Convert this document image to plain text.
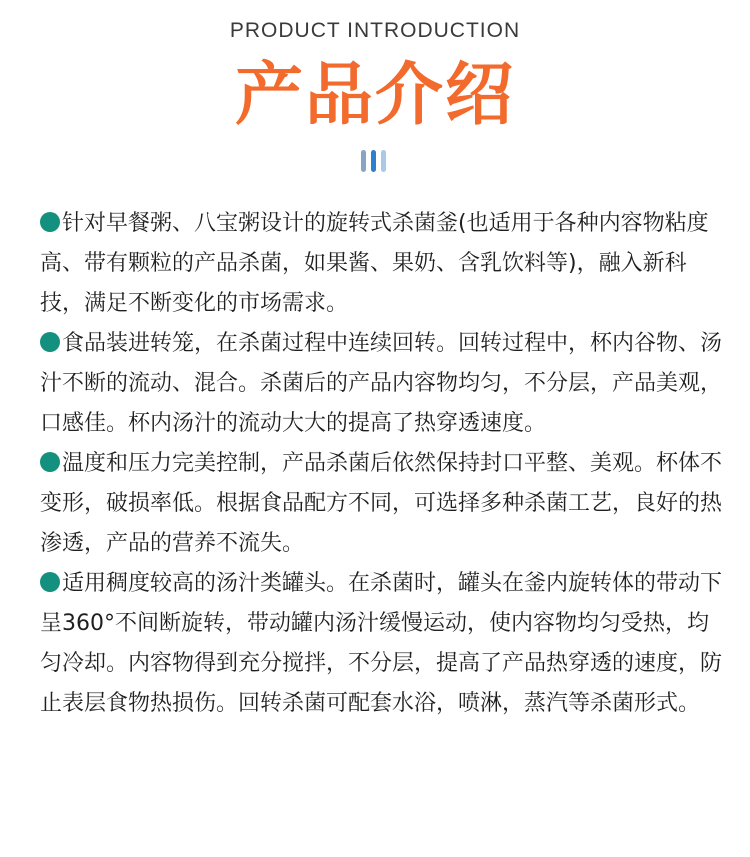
PRODUCT INTRODUCTION
产品介绍

针对早餐粥、八宝粥设计的旋转式杀菌釜(也适用于各种内容物粘度高、带有颗粒的产品杀菌，如果酱、果奶、含乳饮料等)，融入新科技，满足不断变化的市场需求。

食品装进转笼，在杀菌过程中连续回转。回转过程中，杯内谷物、汤汁不断的流动、混合。杀菌后的产品内容物均匀，不分层，产品美观，口感佳。杯内汤汁的流动大大的提高了热穿透速度。

温度和压力完美控制，产品杀菌后依然保持封口平整、美观。杯体不变形，破损率低。根据食品配方不同，可选择多种杀菌工艺，良好的热渗透，产品的营养不流失。

适用稠度较高的汤汁类罐头。在杀菌时，罐头在釜内旋转体的带动下呈360°不间断旋转，带动罐内汤汁缓慢运动，使内容物均匀受热，均匀冷却。内容物得到充分搅拌，不分层，提高了产品热穿透的速度，防止表层食物热损伤。回转杀菌可配套水浴，喷淋，蒸汽等杀菌形式。
